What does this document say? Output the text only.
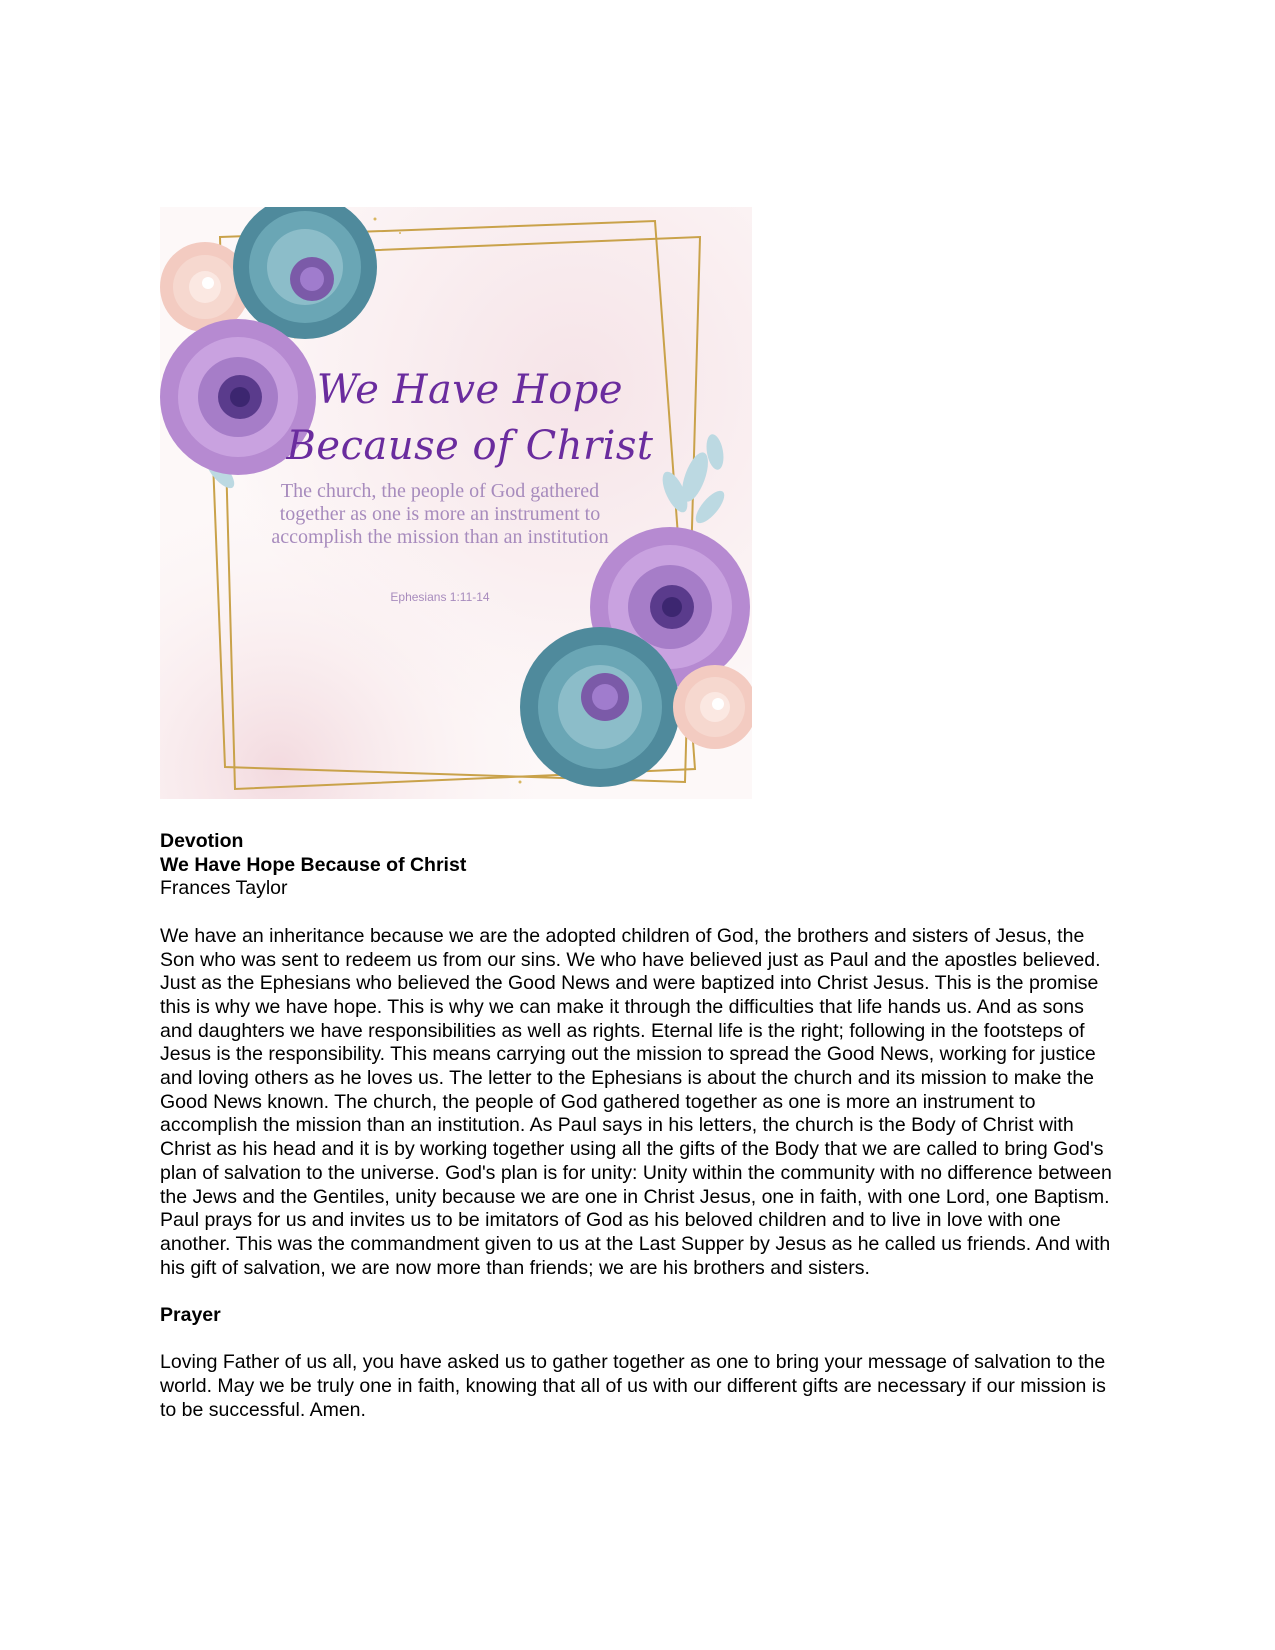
We Have Hope
Because of Christ
The church, the people of God gathered together as one is more an instrument to accomplish the mission than an institution
Ephesians 1:11-14

Devotion

We Have Hope Because of Christ

Frances Taylor

We have an inheritance because we are the adopted children of God, the brothers and sisters of Jesus, the Son who was sent to redeem us from our sins. We who have believed just as Paul and the apostles believed. Just as the Ephesians who believed the Good News and were baptized into Christ Jesus. This is the promise this is why we have hope. This is why we can make it through the difficulties that life hands us. And as sons and daughters we have responsibilities as well as rights. Eternal life is the right; following in the footsteps of Jesus is the responsibility. This means carrying out the mission to spread the Good News, working for justice and loving others as he loves us. The letter to the Ephesians is about the church and its mission to make the Good News known. The church, the people of God gathered together as one is more an instrument to accomplish the mission than an institution. As Paul says in his letters, the church is the Body of Christ with Christ as his head and it is by working together using all the gifts of the Body that we are called to bring God's plan of salvation to the universe. God's plan is for unity: Unity within the community with no difference between the Jews and the Gentiles, unity because we are one in Christ Jesus, one in faith, with one Lord, one Baptism. Paul prays for us and invites us to be imitators of God as his beloved children and to live in love with one another. This was the commandment given to us at the Last Supper by Jesus as he called us friends. And with his gift of salvation, we are now more than friends; we are his brothers and sisters.

Prayer

Loving Father of us all, you have asked us to gather together as one to bring your message of salvation to the world. May we be truly one in faith, knowing that all of us with our different gifts are necessary if our mission is to be successful. Amen.
